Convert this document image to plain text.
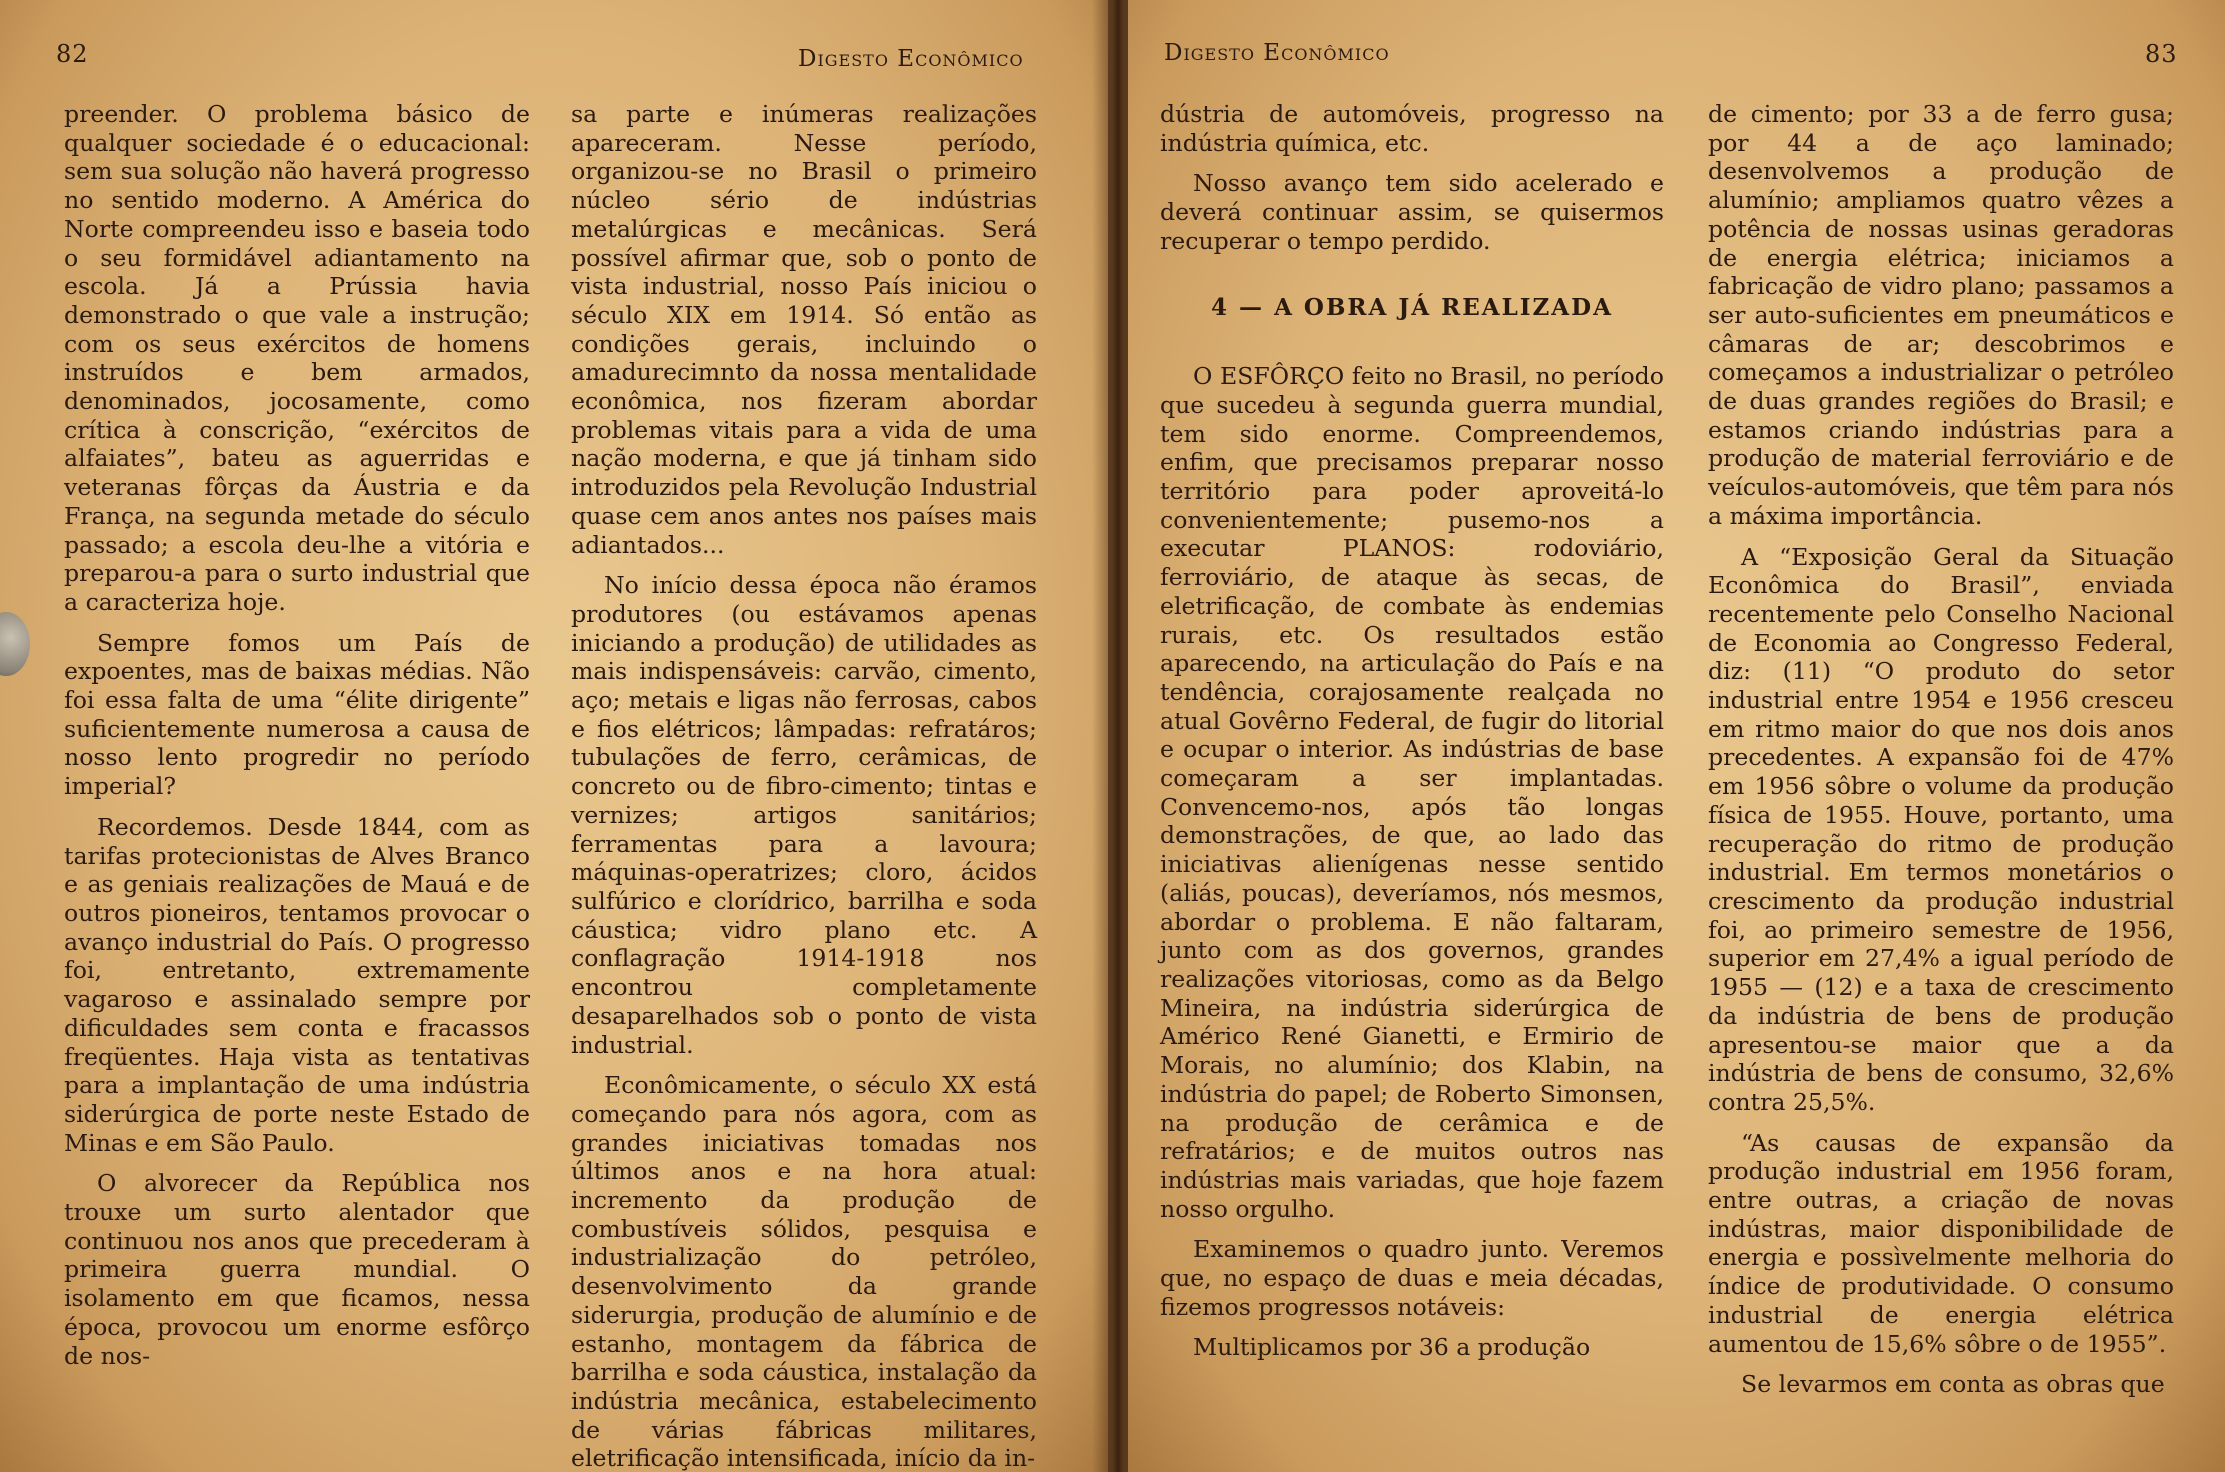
82	Digesto Econômico

preender. O problema básico de qualquer sociedade é o educacional: sem sua solução não haverá progresso no sentido moderno. A América do Norte compreendeu isso e baseia todo o seu formidável adiantamento na escola. Já a Prússia havia demonstrado o que vale a instrução; com os seus exércitos de homens instruídos e bem armados, denominados, jocosamente, como crítica à conscrição, “exércitos de alfaiates”, bateu as aguerridas e veteranas fôrças da Áustria e da França, na segunda metade do século passado; a escola deu-lhe a vitória e preparou-a para o surto industrial que a caracteriza hoje.

Sempre fomos um País de expoentes, mas de baixas médias. Não foi essa falta de uma “élite dirigente” suficientemente numerosa a causa de nosso lento progredir no período imperial?

Recordemos. Desde 1844, com as tarifas protecionistas de Alves Branco e as geniais realizações de Mauá e de outros pioneiros, tentamos provocar o avanço industrial do País. O progresso foi, entretanto, extremamente vagaroso e assinalado sempre por dificuldades sem conta e fracassos freqüentes. Haja vista as tentativas para a implantação de uma indústria siderúrgica de porte neste Estado de Minas e em São Paulo.

O alvorecer da República nos trouxe um surto alentador que continuou nos anos que precederam à primeira guerra mundial. O isolamento em que ficamos, nessa época, provocou um enorme esfôrço de nos-

sa parte e inúmeras realizações apareceram. Nesse período, organizou-se no Brasil o primeiro núcleo sério de indústrias metalúrgicas e mecânicas. Será possível afirmar que, sob o ponto de vista industrial, nosso País iniciou o século XIX em 1914. Só então as condições gerais, incluindo o amadurecimnto da nossa mentalidade econômica, nos fizeram abordar problemas vitais para a vida de uma nação moderna, e que já tinham sido introduzidos pela Revolução Industrial quase cem anos antes nos países mais adiantados...

No início dessa época não éramos produtores (ou estávamos apenas iniciando a produção) de utilidades as mais indispensáveis: carvão, cimento, aço; metais e ligas não ferrosas, cabos e fios elétricos; lâmpadas: refratáros; tubulações de ferro, cerâmicas, de concreto ou de fibro-cimento; tintas e vernizes; artigos sanitários; ferramentas para a lavoura; máquinas-operatrizes; cloro, ácidos sulfúrico e clorídrico, barrilha e soda cáustica; vidro plano etc. A conflagração 1914-1918 nos encontrou completamente desaparelhados sob o ponto de vista industrial.

Econômicamente, o século XX está começando para nós agora, com as grandes iniciativas tomadas nos últimos anos e na hora atual: incremento da produção de combustíveis sólidos, pesquisa e industrialização do petróleo, desenvolvimento da grande siderurgia, produção de alumínio e de estanho, montagem da fábrica de barrilha e soda cáustica, instalação da indústria mecânica, estabelecimento de várias fábricas militares, eletrificação intensificada, início da in-

Digesto Econômico	83

dústria de automóveis, progresso na indústria química, etc.

Nosso avanço tem sido acelerado e deverá continuar assim, se quisermos recuperar o tempo perdido.

4 — A OBRA JÁ REALIZADA

O ESFÔRÇO feito no Brasil, no período que sucedeu à segunda guerra mundial, tem sido enorme. Compreendemos, enfim, que precisamos preparar nosso território para poder aproveitá-lo convenientemente; pusemo-nos a executar PLANOS: rodoviário, ferroviário, de ataque às secas, de eletrificação, de combate às endemias rurais, etc. Os resultados estão aparecendo, na articulação do País e na tendência, corajosamente realçada no atual Govêrno Federal, de fugir do litorial e ocupar o interior. As indústrias de base começaram a ser implantadas. Convencemo-nos, após tão longas demonstrações, de que, ao lado das iniciativas alienígenas nesse sentido (aliás, poucas), deveríamos, nós mesmos, abordar o problema. E não faltaram, junto com as dos governos, grandes realizações vitoriosas, como as da Belgo Mineira, na indústria siderúrgica de Américo René Gianetti, e Ermirio de Morais, no alumínio; dos Klabin, na indústria do papel; de Roberto Simonsen, na produção de cerâmica e de refratários; e de muitos outros nas indústrias mais variadas, que hoje fazem nosso orgulho.

Examinemos o quadro junto. Veremos que, no espaço de duas e meia décadas, fizemos progressos notáveis:

Multiplicamos por 36 a produção

de cimento; por 33 a de ferro gusa; por 44 a de aço laminado; desenvolvemos a produção de alumínio; ampliamos quatro vêzes a potência de nossas usinas geradoras de energia elétrica; iniciamos a fabricação de vidro plano; passamos a ser auto-suficientes em pneumáticos e câmaras de ar; descobrimos e começamos a industrializar o petróleo de duas grandes regiões do Brasil; e estamos criando indústrias para a produção de material ferroviário e de veículos-automóveis, que têm para nós a máxima importância.

A “Exposição Geral da Situação Econômica do Brasil”, enviada recentemente pelo Conselho Nacional de Economia ao Congresso Federal, diz: (11) “O produto do setor industrial entre 1954 e 1956 cresceu em ritmo maior do que nos dois anos precedentes. A expansão foi de 47% em 1956 sôbre o volume da produção física de 1955. Houve, portanto, uma recuperação do ritmo de produção industrial. Em termos monetários o crescimento da produção industrial foi, ao primeiro semestre de 1956, superior em 27,4% a igual período de 1955 — (12) e a taxa de crescimento da indústria de bens de produção apresentou-se maior que a da indústria de bens de consumo, 32,6% contra 25,5%.

“As causas de expansão da produção industrial em 1956 foram, entre outras, a criação de novas indústras, maior disponibilidade de energia e possìvelmente melhoria do índice de produtividade. O consumo industrial de energia elétrica aumentou de 15,6% sôbre o de 1955”.

Se levarmos em conta as obras que
